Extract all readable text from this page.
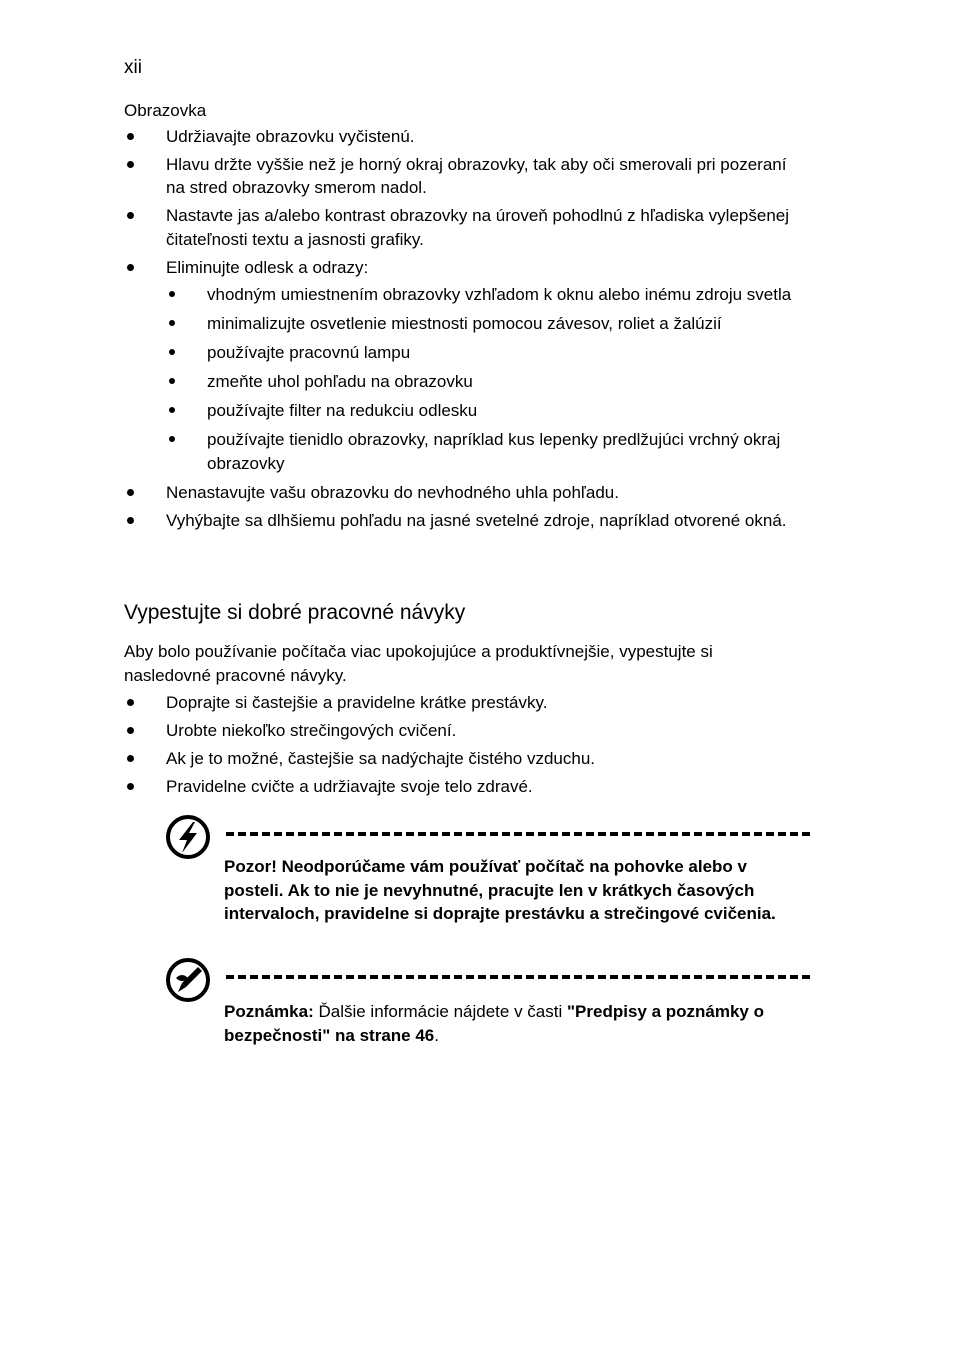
xii
Obrazovka
Udržiavajte obrazovku vyčistenú.
Hlavu držte vyššie než je horný okraj obrazovky, tak aby oči smerovali pri pozeraní na stred obrazovky smerom nadol.
Nastavte jas a/alebo kontrast obrazovky na úroveň pohodlnú z hľadiska vylepšenej čitateľnosti textu a jasnosti grafiky.
Eliminujte odlesk a odrazy:
vhodným umiestnením obrazovky vzhľadom k oknu alebo inému zdroju svetla
minimalizujte osvetlenie miestnosti pomocou závesov, roliet a žalúzií
používajte pracovnú lampu
zmeňte uhol pohľadu na obrazovku
používajte filter na redukciu odlesku
používajte tienidlo obrazovky, napríklad kus lepenky predlžujúci vrchný okraj obrazovky
Nenastavujte vašu obrazovku do nevhodného uhla pohľadu.
Vyhýbajte sa dlhšiemu pohľadu na jasné svetelné zdroje, napríklad otvorené okná.
Vypestujte si dobré pracovné návyky
Aby bolo používanie počítača viac upokojujúce a produktívnejšie, vypestujte si nasledovné pracovné návyky.
Doprajte si častejšie a pravidelne krátke prestávky.
Urobte niekoľko strečingových cvičení.
Ak je to možné, častejšie sa nadýchajte čistého vzduchu.
Pravidelne cvičte a udržiavajte svoje telo zdravé.
Pozor! Neodporúčame vám používať počítač na pohovke alebo v posteli. Ak to nie je nevyhnutné, pracujte len v krátkych časových intervaloch, pravidelne si doprajte prestávku a strečingové cvičenia.
Poznámka: Ďalšie informácie nájdete v časti "Predpisy a poznámky o bezpečnosti" na strane 46.
